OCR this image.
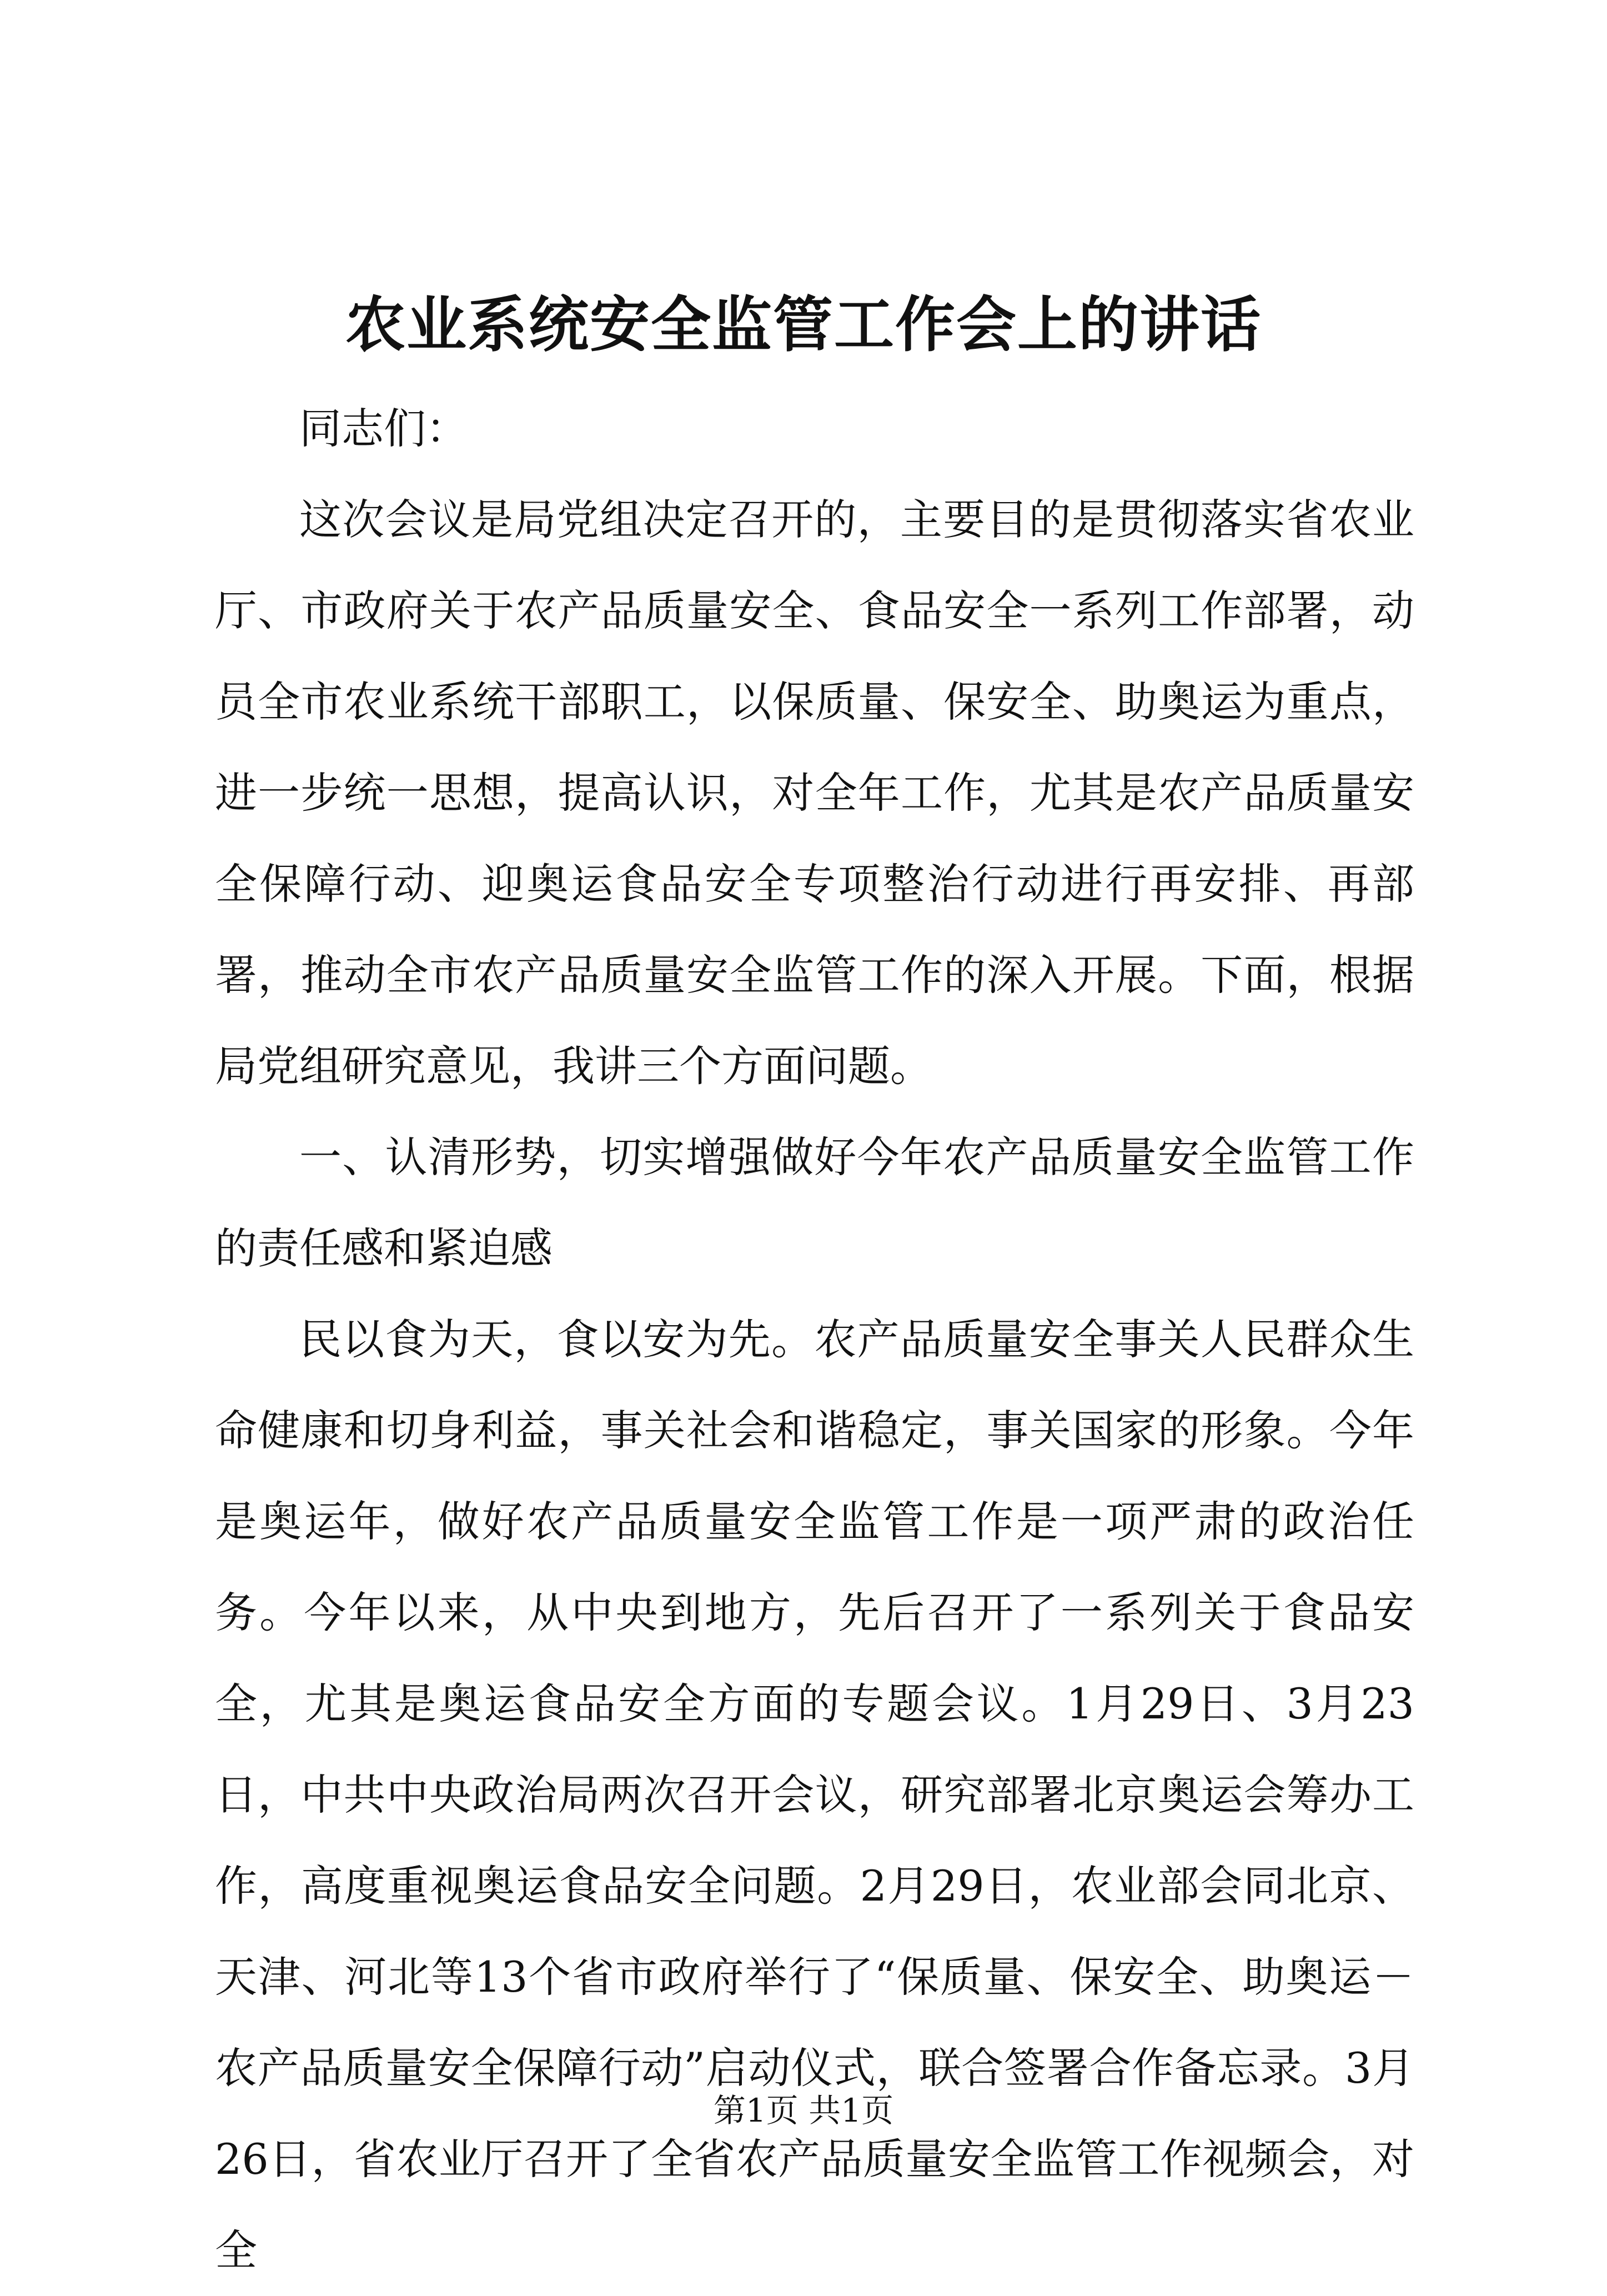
农业系统安全监管工作会上的讲话

同志们：

这次会议是局党组决定召开的，主要目的是贯彻落实省农业厅、市政府关于农产品质量安全、食品安全一系列工作部署，动员全市农业系统干部职工，以保质量、保安全、助奥运为重点，进一步统一思想，提高认识，对全年工作，尤其是农产品质量安全保障行动、迎奥运食品安全专项整治行动进行再安排、再部署，推动全市农产品质量安全监管工作的深入开展。下面，根据局党组研究意见，我讲三个方面问题。

一、认清形势，切实增强做好今年农产品质量安全监管工作的责任感和紧迫感

民以食为天，食以安为先。农产品质量安全事关人民群众生命健康和切身利益，事关社会和谐稳定，事关国家的形象。今年是奥运年，做好农产品质量安全监管工作是一项严肃的政治任务。今年以来，从中央到地方，先后召开了一系列关于食品安全，尤其是奥运食品安全方面的专题会议。1月29日、3月23日，中共中央政治局两次召开会议，研究部署北京奥运会筹办工作，高度重视奥运食品安全问题。2月29日，农业部会同北京、天津、河北等13个省市政府举行了“保质量、保安全、助奥运－农产品质量安全保障行动”启动仪式，联合签署合作备忘录。3月26日，省农业厅召开了全省农产品质量安全监管工作视频会，对全

第1页 共1页
